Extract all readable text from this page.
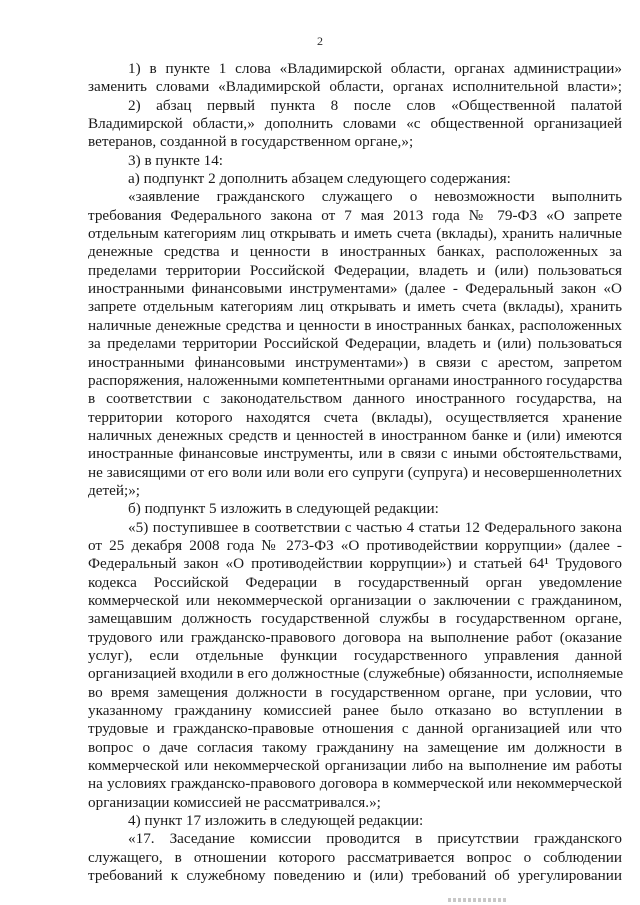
2
1) в пункте 1 слова «Владимирской области, органах администрации»
заменить словами «Владимирской области, органах исполнительной власти»;
2) абзац первый пункта 8 после слов «Общественной палатой
Владимирской области,» дополнить словами «с общественной организацией
ветеранов, созданной в государственном органе,»;
3) в пункте 14:
а) подпункт 2 дополнить абзацем следующего содержания:
«заявление гражданского служащего о невозможности выполнить
требования Федерального закона от 7 мая 2013 года № 79-ФЗ «О запрете
отдельным категориям лиц открывать и иметь счета (вклады), хранить наличные
денежные средства и ценности в иностранных банках, расположенных за
пределами территории Российской Федерации, владеть и (или) пользоваться
иностранными финансовыми инструментами» (далее - Федеральный закон «О
запрете отдельным категориям лиц открывать и иметь счета (вклады), хранить
наличные денежные средства и ценности в иностранных банках, расположенных
за пределами территории Российской Федерации, владеть и (или) пользоваться
иностранными финансовыми инструментами») в связи с арестом, запретом
распоряжения, наложенными компетентными органами иностранного государства
в соответствии с законодательством данного иностранного государства, на
территории которого находятся счета (вклады), осуществляется хранение
наличных денежных средств и ценностей в иностранном банке и (или) имеются
иностранные финансовые инструменты, или в связи с иными обстоятельствами,
не зависящими от его воли или воли его супруги (супруга) и несовершеннолетних
детей;»;
б) подпункт 5 изложить в следующей редакции:
«5) поступившее в соответствии с частью 4 статьи 12 Федерального закона
от 25 декабря 2008 года № 273-ФЗ «О противодействии коррупции» (далее -
Федеральный закон «О противодействии коррупции») и статьей 64¹ Трудового
кодекса Российской Федерации в государственный орган уведомление
коммерческой или некоммерческой организации о заключении с гражданином,
замещавшим должность государственной службы в государственном органе,
трудового или гражданско-правового договора на выполнение работ (оказание
услуг), если отдельные функции государственного управления данной
организацией входили в его должностные (служебные) обязанности, исполняемые
во время замещения должности в государственном органе, при условии, что
указанному гражданину комиссией ранее было отказано во вступлении в
трудовые и гражданско-правовые отношения с данной организацией или что
вопрос о даче согласия такому гражданину на замещение им должности в
коммерческой или некоммерческой организации либо на выполнение им работы
на условиях гражданско-правового договора в коммерческой или некоммерческой
организации комиссией не рассматривался.»;
4) пункт 17 изложить в следующей редакции:
«17. Заседание комиссии проводится в присутствии гражданского
служащего, в отношении которого рассматривается вопрос о соблюдении
требований к служебному поведению и (или) требований об урегулировании
